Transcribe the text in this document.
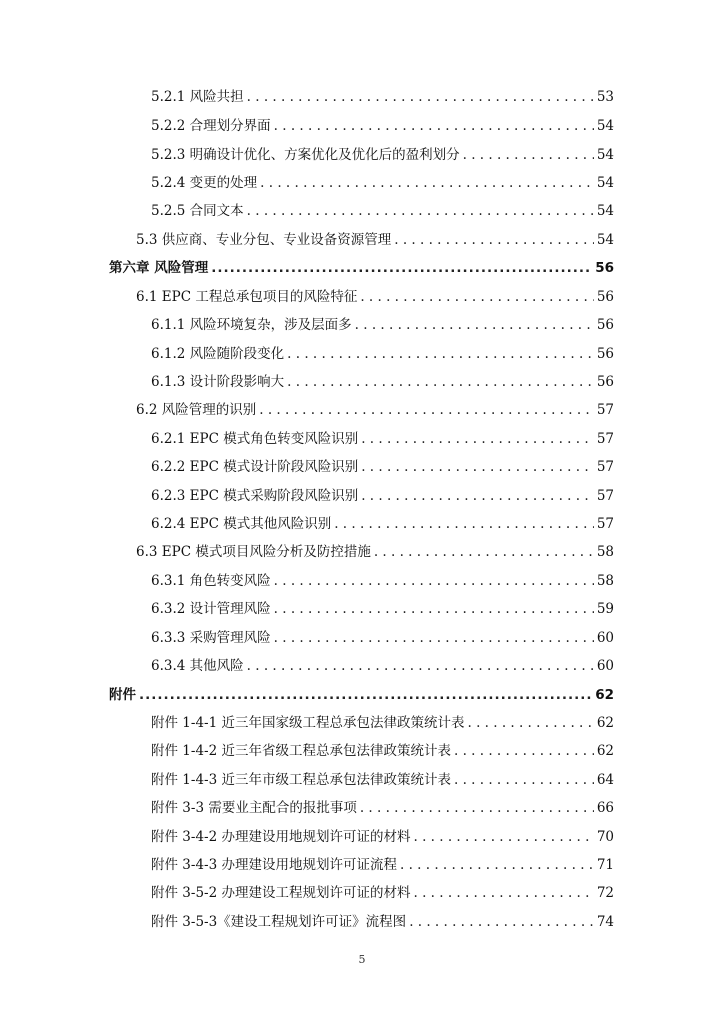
5.2.1 风险共担 . . .	53
5.2.2 合理划分界面 . . .	54
5.2.3 明确设计优化、方案优化及优化后的盈利划分 . . .	54
5.2.4 变更的处理 . . .	54
5.2.5 合同文本 . . .	54
5.3 供应商、专业分包、专业设备资源管理 . . .	54
第六章 风险管理 .....	56
6.1 EPC 工程总承包项目的风险特征 . . .	56
6.1.1 风险环境复杂，涉及层面多 . . .	56
6.1.2 风险随阶段变化 . . .	56
6.1.3 设计阶段影响大 . . .	56
6.2 风险管理的识别 . . .	57
6.2.1 EPC 模式角色转变风险识别 . . .	57
6.2.2 EPC 模式设计阶段风险识别 . . .	57
6.2.3 EPC 模式采购阶段风险识别 . . .	57
6.2.4 EPC 模式其他风险识别 . . .	57
6.3 EPC 模式项目风险分析及防控措施 . . .	58
6.3.1 角色转变风险 . . .	58
6.3.2 设计管理风险 . . .	59
6.3.3 采购管理风险 . . .	60
6.3.4 其他风险 . . .	60
附件 .....	62
附件 1-4-1 近三年国家级工程总承包法律政策统计表 . . .	62
附件 1-4-2 近三年省级工程总承包法律政策统计表 . . .	62
附件 1-4-3 近三年市级工程总承包法律政策统计表 . . .	64
附件 3-3 需要业主配合的报批事项 . . .	66
附件 3-4-2 办理建设用地规划许可证的材料 . . .	70
附件 3-4-3 办理建设用地规划许可证流程 . . .	71
附件 3-5-2 办理建设工程规划许可证的材料 . . .	72
附件 3-5-3《建设工程规划许可证》流程图 . . .	74
5
